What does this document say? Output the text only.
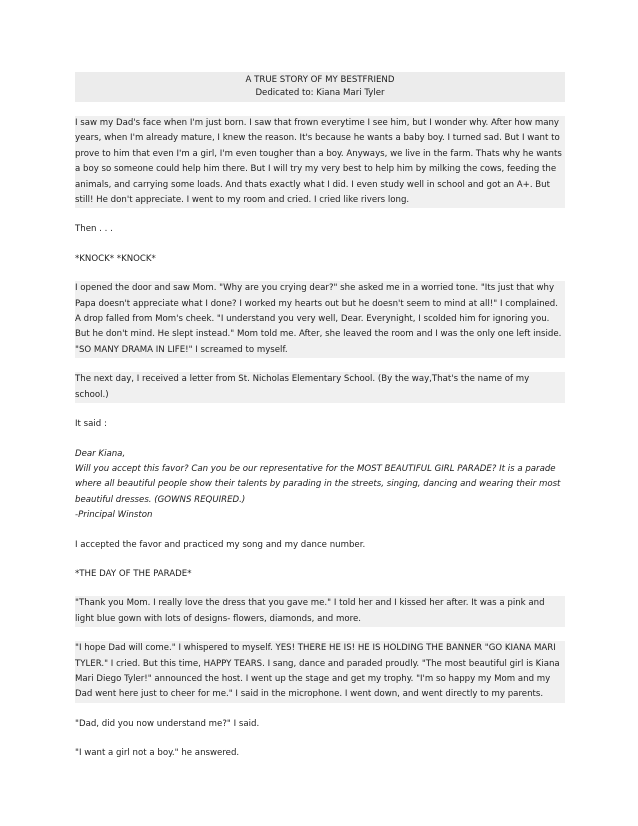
A TRUE STORY OF MY BESTFRIEND
Dedicated to: Kiana Mari Tyler

I saw my Dad's face when I'm just born. I saw that frown everytime I see him, but I wonder why. After how many years, when I'm already mature, I knew the reason. It's because he wants a baby boy. I turned sad. But I want to prove to him that even I'm a girl, I'm even tougher than a boy. Anyways, we live in the farm. Thats why he wants a boy so someone could help him there. But I will try my very best to help him by milking the cows, feeding the animals, and carrying some loads. And thats exactly what I did. I even study well in school and got an A+. But still! He don't appreciate. I went to my room and cried. I cried like rivers long.

Then . . .

*KNOCK* *KNOCK*

I opened the door and saw Mom. "Why are you crying dear?" she asked me in a worried tone. "Its just that why Papa doesn't appreciate what I done? I worked my hearts out but he doesn't seem to mind at all!" I complained. A drop falled from Mom's cheek. "I understand you very well, Dear. Everynight, I scolded him for ignoring you. But he don't mind. He slept instead." Mom told me. After, she leaved the room and I was the only one left inside. "SO MANY DRAMA IN LIFE!" I screamed to myself.

The next day, I received a letter from St. Nicholas Elementary School. (By the way,That's the name of my school.)

It said :

Dear Kiana,
Will you accept this favor? Can you be our representative for the MOST BEAUTIFUL GIRL PARADE? It is a parade where all beautiful people show their talents by parading in the streets, singing, dancing and wearing their most beautiful dresses. (GOWNS REQUIRED.)
-Principal Winston

I accepted the favor and practiced my song and my dance number.

*THE DAY OF THE PARADE*

"Thank you Mom. I really love the dress that you gave me." I told her and I kissed her after. It was a pink and light blue gown with lots of designs- flowers, diamonds, and more.

"I hope Dad will come." I whispered to myself. YES! THERE HE IS! HE IS HOLDING THE BANNER "GO KIANA MARI TYLER." I cried. But this time, HAPPY TEARS. I sang, dance and paraded proudly. "The most beautiful girl is Kiana Mari Diego Tyler!" announced the host. I went up the stage and get my trophy. "I'm so happy my Mom and my Dad went here just to cheer for me." I said in the microphone. I went down, and went directly to my parents.

"Dad, did you now understand me?" I said.

"I want a girl not a boy." he answered.
